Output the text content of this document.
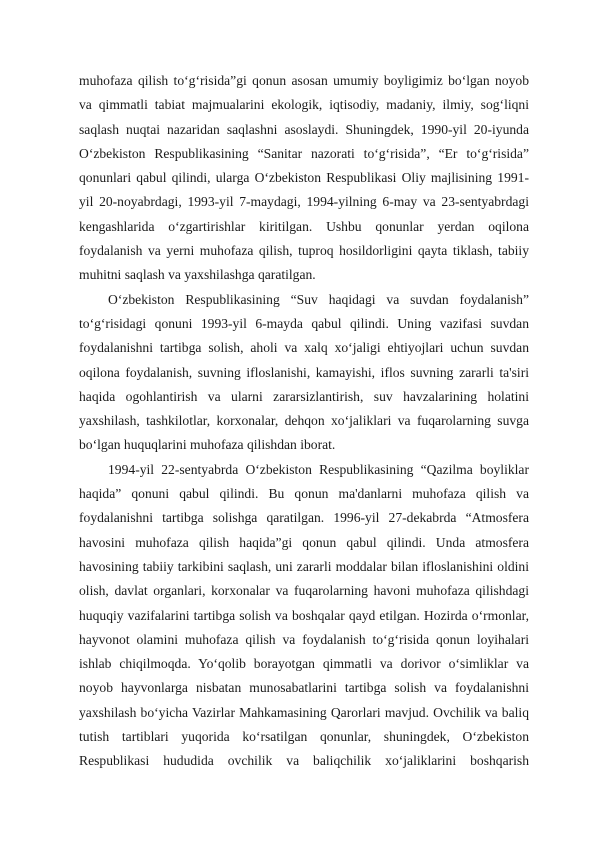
muhofaza qilish to‘g‘risida”gi qonun asosan umumiy boyligimiz bo‘lgan noyob
va qimmatli tabiat majmualarini ekologik, iqtisodiy, madaniy, ilmiy, sog‘liqni
saqlash nuqtai nazaridan saqlashni asoslaydi. Shuningdek, 1990-yil 20-iyunda
O‘zbekiston Respublikasining “Sanitar nazorati to‘g‘risida”, “Er to‘g‘risida”
qonunlari qabul qilindi, ularga O‘zbekiston Respublikasi Oliy majlisining 1991-
yil 20-noyabrdagi, 1993-yil 7-maydagi, 1994-yilning 6-may va 23-sentyabrdagi
kengashlarida o‘zgartirishlar kiritilgan. Ushbu qonunlar yerdan oqilona
foydalanish va yerni muhofaza qilish, tuproq hosildorligini qayta tiklash, tabiiy
muhitni saqlash va yaxshilashga qaratilgan.

O‘zbekiston Respublikasining “Suv haqidagi va suvdan foydalanish”
to‘g‘risidagi qonuni 1993-yil 6-mayda qabul qilindi. Uning vazifasi suvdan
foydalanishni tartibga solish, aholi va xalq xo‘jaligi ehtiyojlari uchun suvdan
oqilona foydalanish, suvning ifloslanishi, kamayishi, iflos suvning zararli ta'siri
haqida ogohlantirish va ularni zararsizlantirish, suv havzalarining holatini
yaxshilash, tashkilotlar, korxonalar, dehqon xo‘jaliklari va fuqarolarning suvga
bo‘lgan huquqlarini muhofaza qilishdan iborat.

1994-yil 22-sentyabrda O‘zbekiston Respublikasining “Qazilma boyliklar
haqida” qonuni qabul qilindi. Bu qonun ma'danlarni muhofaza qilish va
foydalanishni tartibga solishga qaratilgan. 1996-yil 27-dekabrda “Atmosfera
havosini muhofaza qilish haqida”gi qonun qabul qilindi. Unda atmosfera
havosining tabiiy tarkibini saqlash, uni zararli moddalar bilan ifloslanishini oldini
olish, davlat organlari, korxonalar va fuqarolarning havoni muhofaza qilishdagi
huquqiy vazifalarini tartibga solish va boshqalar qayd etilgan. Hozirda o‘rmonlar,
hayvonot olamini muhofaza qilish va foydalanish to‘g‘risida qonun loyihalari
ishlab chiqilmoqda. Yo‘qolib borayotgan qimmatli va dorivor o‘simliklar va
noyob hayvonlarga nisbatan munosabatlarini tartibga solish va foydalanishni
yaxshilash bo‘yicha Vazirlar Mahkamasining Qarorlari mavjud. Ovchilik va baliq
tutish tartiblari yuqorida ko‘rsatilgan qonunlar, shuningdek, O‘zbekiston
Respublikasi hududida ovchilik va baliqchilik xo‘jaliklarini boshqarish
